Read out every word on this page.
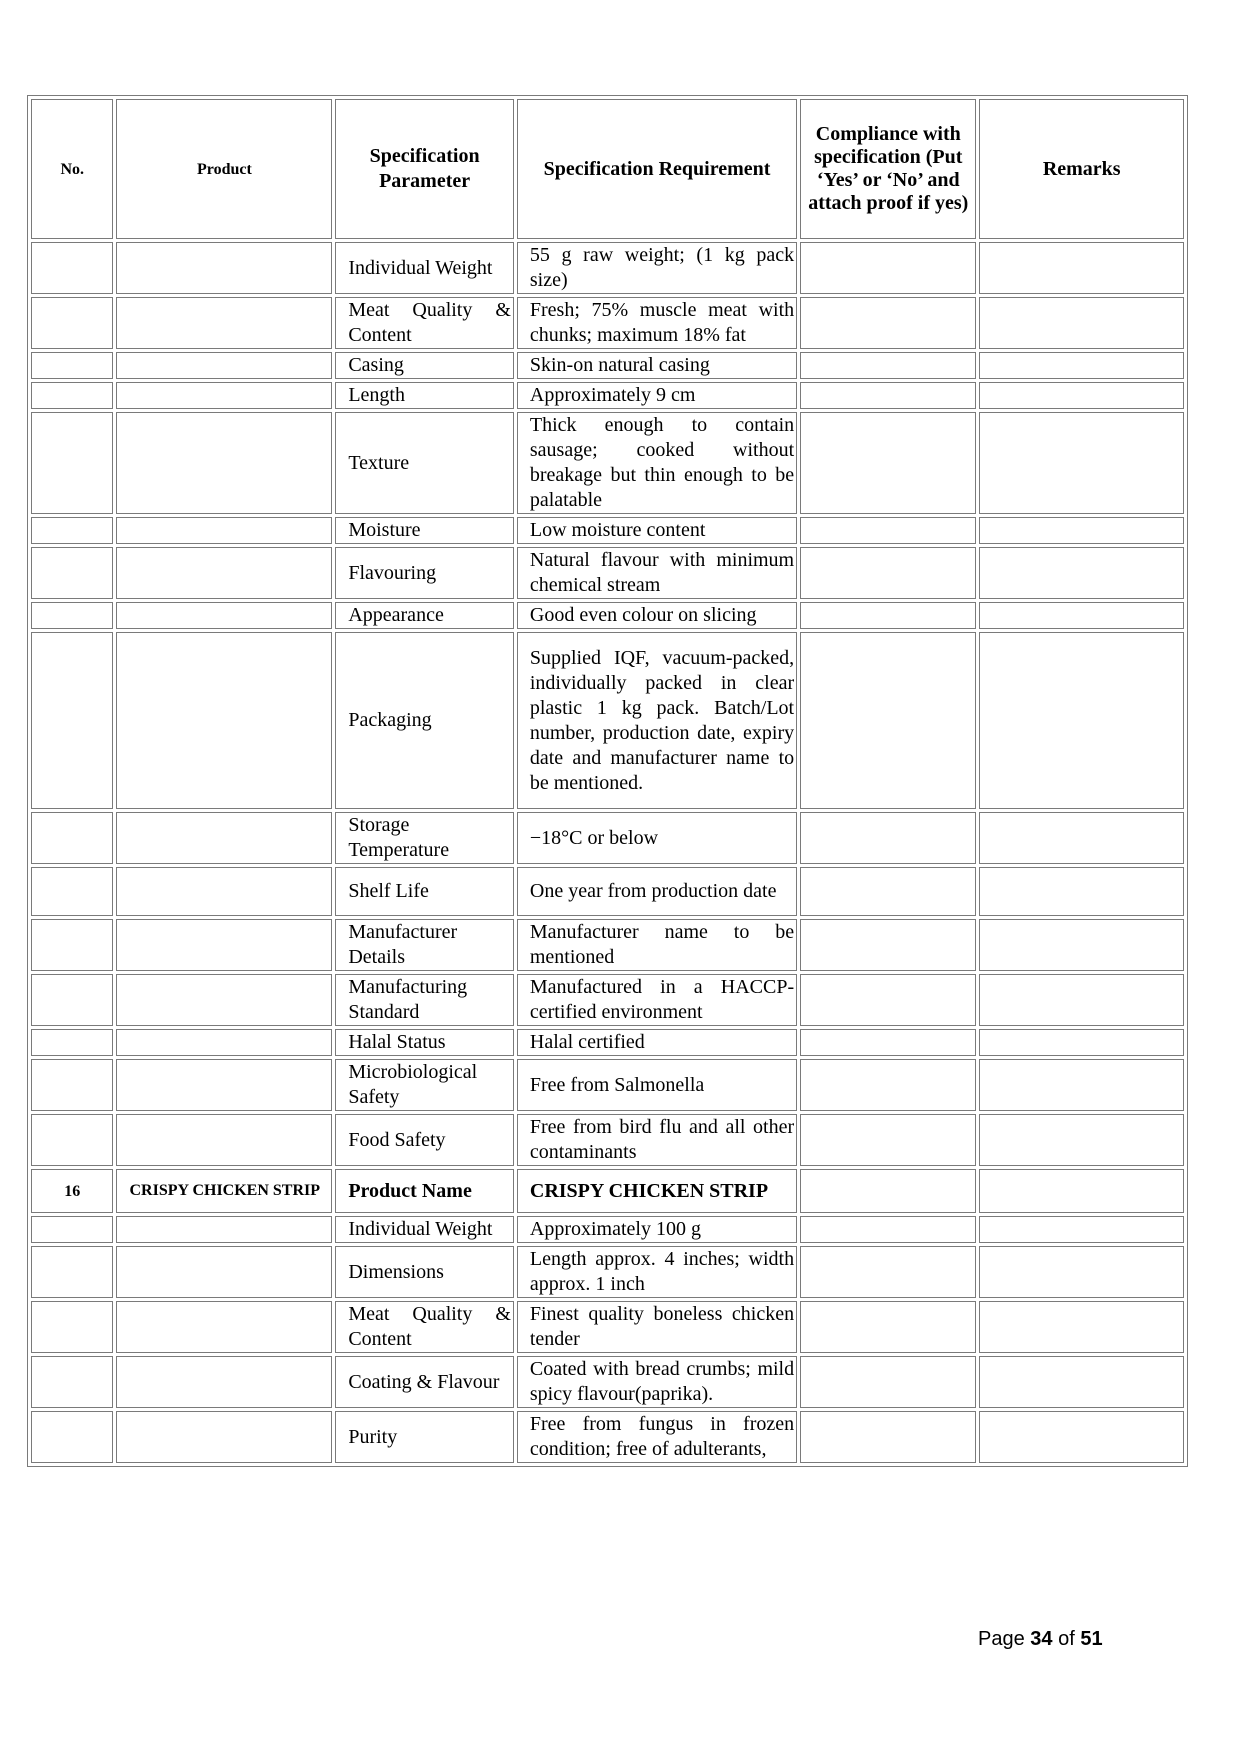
No.	Product	Specification Parameter	Specification Requirement	Compliance with specification (Put ‘Yes’ or ‘No’ and attach proof if yes)	Remarks
		Individual Weight	55 g raw weight; (1 kg pack size)		
		Meat Quality & Content	Fresh; 75% muscle meat with chunks; maximum 18% fat		
		Casing	Skin-on natural casing		
		Length	Approximately 9 cm		
		Texture	Thick enough to contain sausage; cooked without breakage but thin enough to be palatable		
		Moisture	Low moisture content		
		Flavouring	Natural flavour with minimum chemical stream		
		Appearance	Good even colour on slicing		
		Packaging	Supplied IQF, vacuum-packed, individually packed in clear plastic 1 kg pack. Batch/Lot number, production date, expiry date and manufacturer name to be mentioned.		
		Storage Temperature	−18°C or below		
		Shelf Life	One year from production date		
		Manufacturer Details	Manufacturer name to be mentioned		
		Manufacturing Standard	Manufactured in a HACCP-certified environment		
		Halal Status	Halal certified		
		Microbiological Safety	Free from Salmonella		
		Food Safety	Free from bird flu and all other contaminants		
16	CRISPY CHICKEN STRIP	Product Name	CRISPY CHICKEN STRIP		
		Individual Weight	Approximately 100 g		
		Dimensions	Length approx. 4 inches; width approx. 1 inch		
		Meat Quality & Content	Finest quality boneless chicken tender		
		Coating & Flavour	Coated with bread crumbs; mild spicy flavour(paprika).		
		Purity	Free from fungus in frozen condition; free of adulterants,		
Page 34 of 51
